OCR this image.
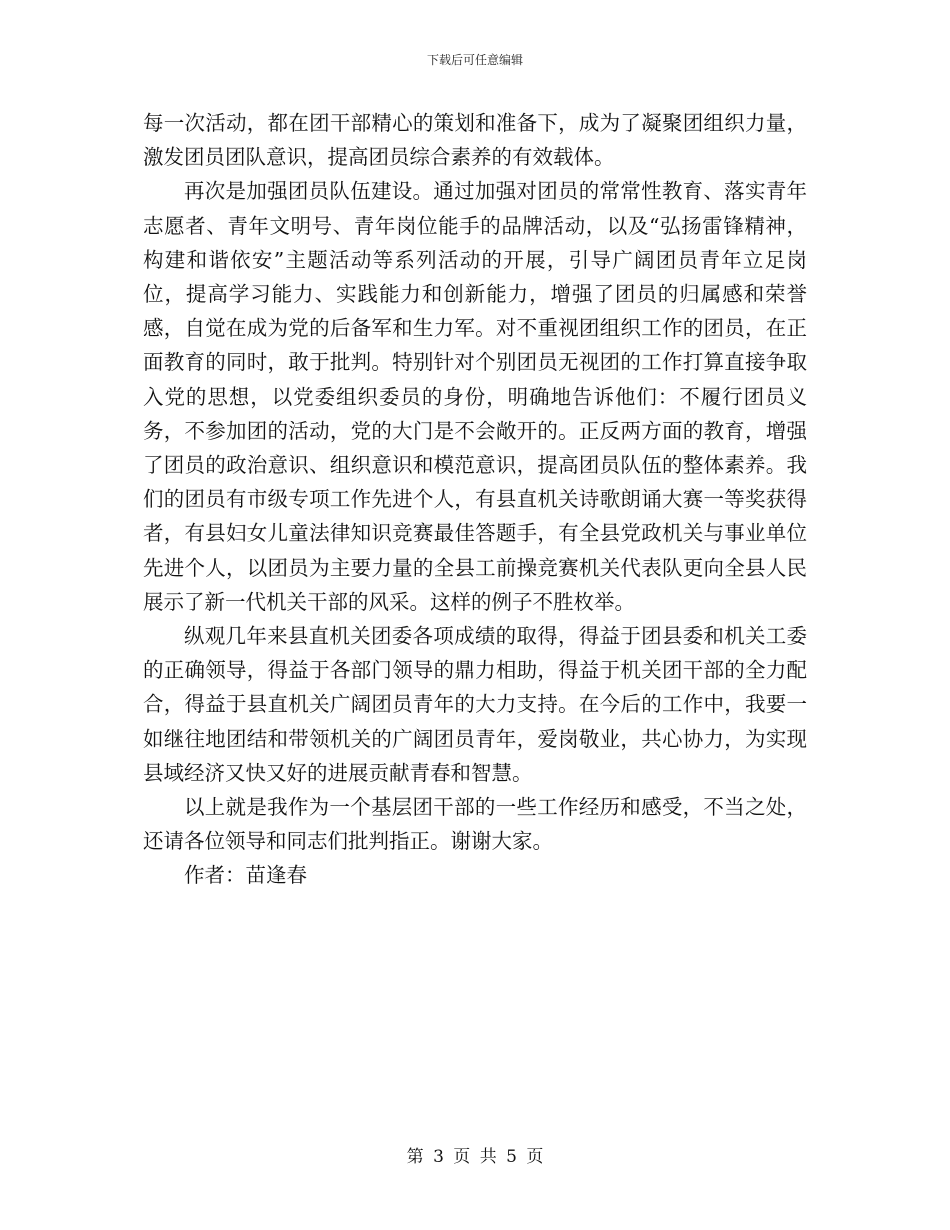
下载后可任意编辑

每一次活动，都在团干部精心的策划和准备下，成为了凝聚团组织力量，激发团员团队意识，提高团员综合素养的有效载体。

再次是加强团员队伍建设。通过加强对团员的常常性教育、落实青年志愿者、青年文明号、青年岗位能手的品牌活动，以及“弘扬雷锋精神，构建和谐依安”主题活动等系列活动的开展，引导广阔团员青年立足岗位，提高学习能力、实践能力和创新能力，增强了团员的归属感和荣誉感，自觉在成为党的后备军和生力军。对不重视团组织工作的团员，在正面教育的同时，敢于批判。特别针对个别团员无视团的工作打算直接争取入党的思想，以党委组织委员的身份，明确地告诉他们：不履行团员义务，不参加团的活动，党的大门是不会敞开的。正反两方面的教育，增强了团员的政治意识、组织意识和模范意识，提高团员队伍的整体素养。我们的团员有市级专项工作先进个人，有县直机关诗歌朗诵大赛一等奖获得者，有县妇女儿童法律知识竞赛最佳答题手，有全县党政机关与事业单位先进个人，以团员为主要力量的全县工前操竞赛机关代表队更向全县人民展示了新一代机关干部的风采。这样的例子不胜枚举。

纵观几年来县直机关团委各项成绩的取得，得益于团县委和机关工委的正确领导，得益于各部门领导的鼎力相助，得益于机关团干部的全力配合，得益于县直机关广阔团员青年的大力支持。在今后的工作中，我要一如继往地团结和带领机关的广阔团员青年，爱岗敬业，共心协力，为实现县域经济又快又好的进展贡献青春和智慧。

以上就是我作为一个基层团干部的一些工作经历和感受，不当之处，还请各位领导和同志们批判指正。谢谢大家。

作者：苗逢春

第 3 页 共 5 页
